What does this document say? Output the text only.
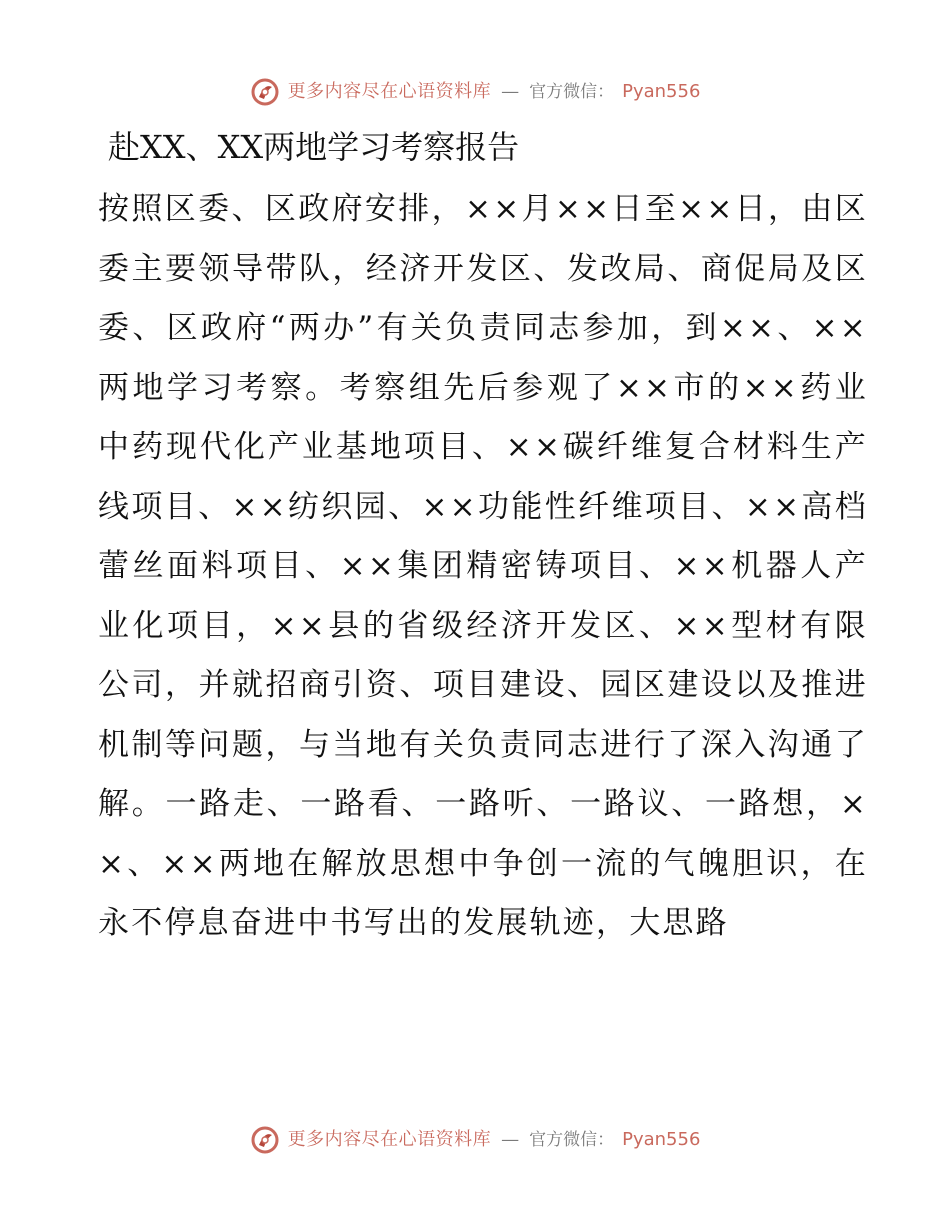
更多内容尽在心语资料库 — 官方微信： Pyan556
赴XX、XX两地学习考察报告

按照区委、区政府安排，××月××日至××日，由区委主要领导带队，经济开发区、发改局、商促局及区委、区政府“两办”有关负责同志参加，到××、××两地学习考察。考察组先后参观了××市的××药业中药现代化产业基地项目、××碳纤维复合材料生产线项目、××纺织园、××功能性纤维项目、××高档蕾丝面料项目、××集团精密铸项目、××机器人产业化项目，××县的省级经济开发区、××型材有限公司，并就招商引资、项目建设、园区建设以及推进机制等问题，与当地有关负责同志进行了深入沟通了解。一路走、一路看、一路听、一路议、一路想，××、××两地在解放思想中争创一流的气魄胆识，在永不停息奋进中书写出的发展轨迹，大思路

更多内容尽在心语资料库 — 官方微信： Pyan556
